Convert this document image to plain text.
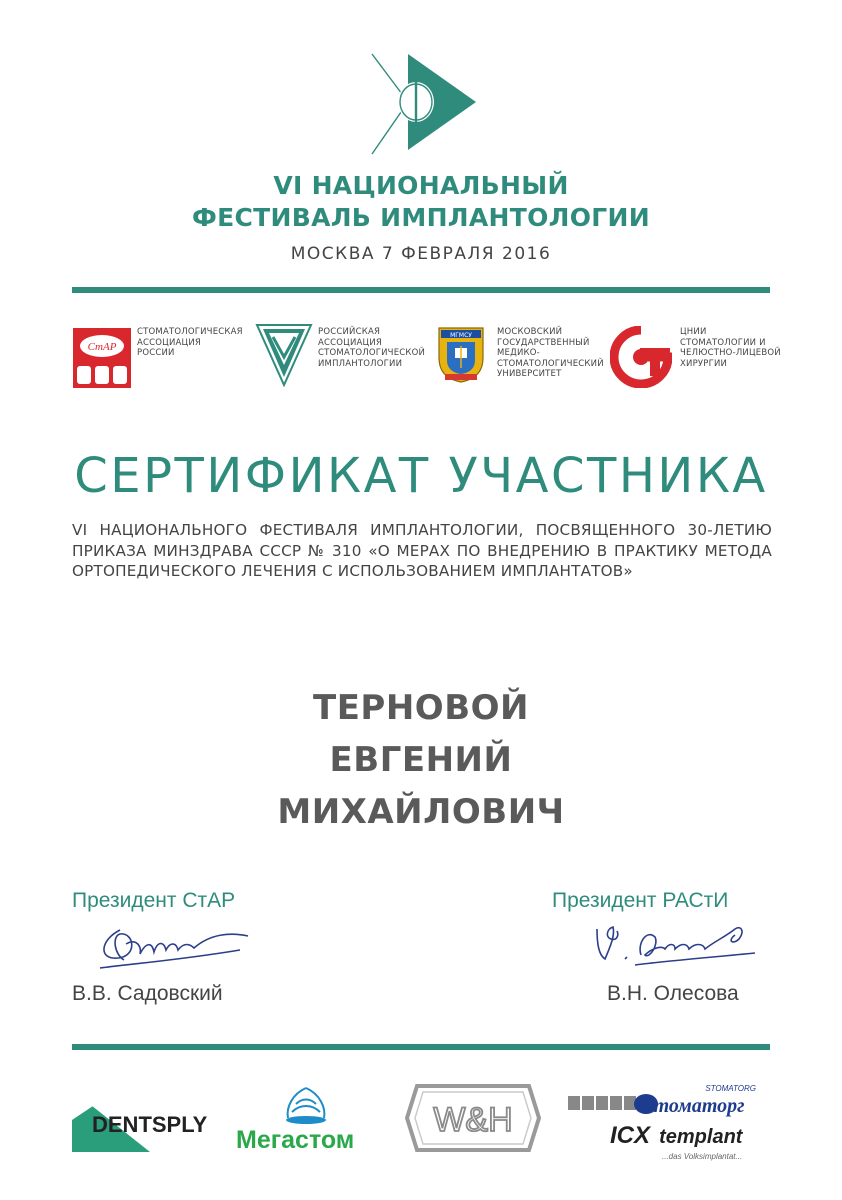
VI НАЦИОНАЛЬНЫЙ
ФЕСТИВАЛЬ ИМПЛАНТОЛОГИИ
МОСКВА 7 ФЕВРАЛЯ 2016
СтАР
СТОМАТОЛОГИЧЕСКАЯ
АССОЦИАЦИЯ
РОССИИ
РОССИЙСКАЯ
АССОЦИАЦИЯ
СТОМАТОЛОГИЧЕСКОЙ
ИМПЛАНТОЛОГИИ
МГМСУ	МОСКОВСКИЙ
ГОСУДАРСТВЕННЫЙ
МЕДИКО-
СТОМАТОЛОГИЧЕСКИЙ
УНИВЕРСИТЕТ
ЦНИИ
СТОМАТОЛОГИИ И
ЧЕЛЮСТНО-ЛИЦЕВОЙ
ХИРУРГИИ
СЕРТИФИКАТ УЧАСТНИКА
VI НАЦИОНАЛЬНОГО ФЕСТИВАЛЯ ИМПЛАНТОЛОГИИ, ПОСВЯЩЕННОГО 30-ЛЕТИЮ ПРИКАЗА МИНЗДРАВА СССР № 310 «О МЕРАХ ПО ВНЕДРЕНИЮ В ПРАКТИКУ МЕТОДА ОРТОПЕДИЧЕСКОГО ЛЕЧЕНИЯ С ИСПОЛЬЗОВАНИЕМ ИМПЛАНТАТОВ»
ТЕРНОВОЙ
ЕВГЕНИЙ
МИХАЙЛОВИЧ
Президент СтАР
В.В. Садовский
Президент РАСтИ
В.Н. Олесова
DENTSPLY
Мегастом
W&H
STOMATORG
Стоматорг
ICX templant
...das Volksimplantat...
